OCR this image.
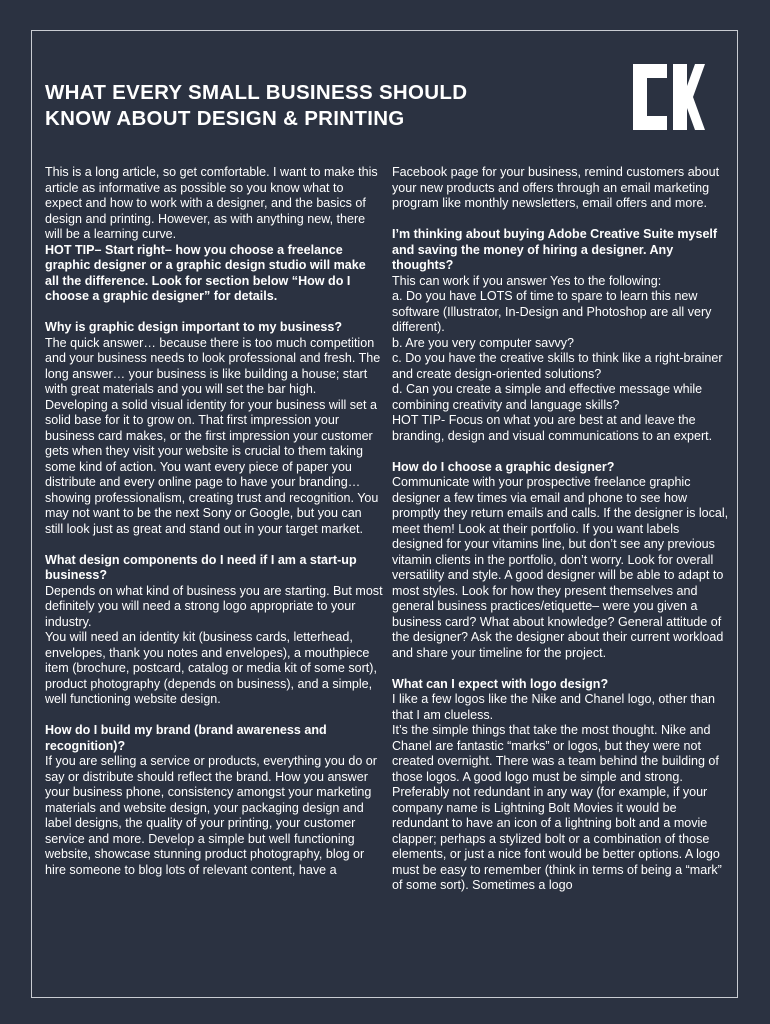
WHAT EVERY SMALL BUSINESS SHOULD
KNOW ABOUT DESIGN & PRINTING

This is a long article, so get comfortable. I want to make this article as informative as possible so you know what to expect and how to work with a designer, and the basics of design and printing. However, as with anything new, there will be a learning curve.

HOT TIP– Start right– how you choose a freelance graphic designer or a graphic design studio will make all the difference. Look for section below “How do I choose a graphic designer” for details.

Why is graphic design important to my business?

The quick answer… because there is too much competition and your business needs to look professional and fresh. The long answer… your business is like building a house; start with great materials and you will set the bar high.

Developing a solid visual identity for your business will set a solid base for it to grow on. That first impression your business card makes, or the first impression your customer gets when they visit your website is crucial to them taking some kind of action. You want every piece of paper you distribute and every online page to have your branding… showing professionalism, creating trust and recognition. You may not want to be the next Sony or Google, but you can still look just as great and stand out in your target market.

What design components do I need if I am a start-up business?

Depends on what kind of business you are starting. But most definitely you will need a strong logo appropriate to your industry.

You will need an identity kit (business cards, letterhead, envelopes, thank you notes and envelopes), a mouthpiece item (brochure, postcard, catalog or media kit of some sort), product photography (depends on business), and a simple, well functioning website design.

How do I build my brand (brand awareness and recognition)?

If you are selling a service or products, everything you do or say or distribute should reflect the brand. How you answer your business phone, consistency amongst your marketing materials and website design, your packaging design and label designs, the quality of your printing, your customer service and more. Develop a simple but well functioning website, showcase stunning product photography, blog or hire someone to blog lots of relevant content, have a

Facebook page for your business, remind customers about your new products and offers through an email marketing program like monthly newsletters, email offers and more.

I’m thinking about buying Adobe Creative Suite myself and saving the money of hiring a designer. Any thoughts?

This can work if you answer Yes to the following:

a. Do you have LOTS of time to spare to learn this new software (Illustrator, In-Design and Photoshop are all very different).

b. Are you very computer savvy?

c. Do you have the creative skills to think like a right-brainer and create design-oriented solutions?

d. Can you create a simple and effective message while combining creativity and language skills?

HOT TIP- Focus on what you are best at and leave the branding, design and visual communications to an expert.

How do I choose a graphic designer?

Communicate with your prospective freelance graphic designer a few times via email and phone to see how promptly they return emails and calls. If the designer is local, meet them! Look at their portfolio. If you want labels designed for your vitamins line, but don’t see any previous vitamin clients in the portfolio, don’t worry. Look for overall versatility and style. A good designer will be able to adapt to most styles. Look for how they present themselves and general business practices/etiquette– were you given a business card? What about knowledge? General attitude of the designer? Ask the designer about their current workload and share your timeline for the project.

What can I expect with logo design?

I like a few logos like the Nike and Chanel logo, other than that I am clueless.

It’s the simple things that take the most thought. Nike and Chanel are fantastic “marks” or logos, but they were not created overnight. There was a team behind the building of those logos. A good logo must be simple and strong. Preferably not redundant in any way (for example, if your company name is Lightning Bolt Movies it would be redundant to have an icon of a lightning bolt and a movie clapper; perhaps a stylized bolt or a combination of those elements, or just a nice font would be better options. A logo must be easy to remember (think in terms of being a “mark” of some sort). Sometimes a logo
